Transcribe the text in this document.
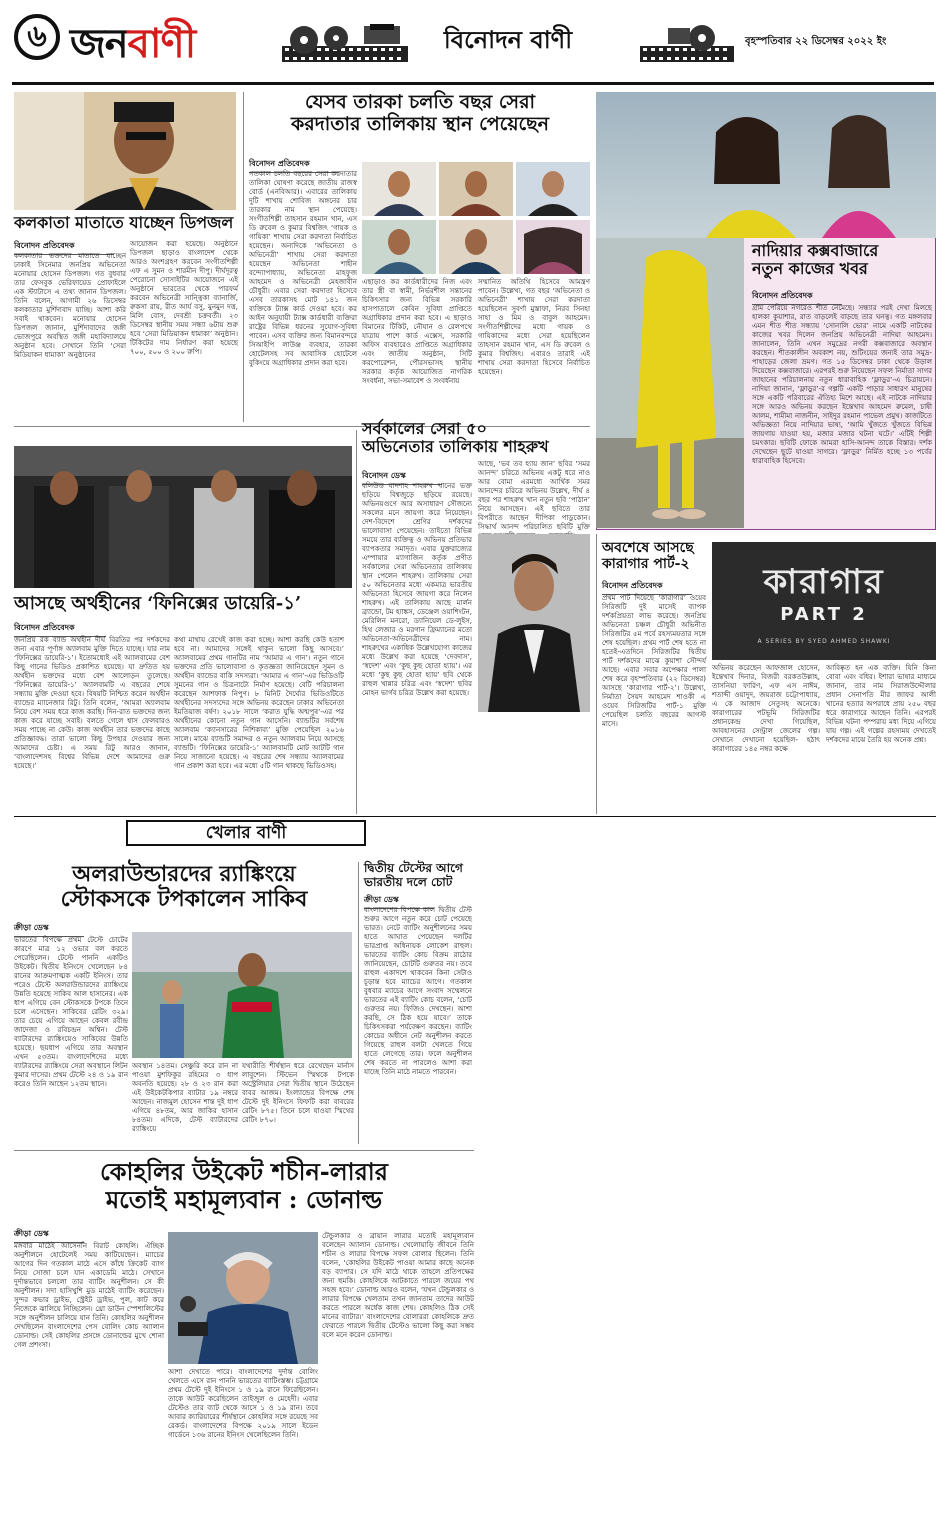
৬ জনবাণী	বিনোদন বাণী	বৃহস্পতিবার ২২ ডিসেম্বর ২০২২ ইং
কলকাতা মাতাতে যাচ্ছেন ডিপজল
বিনোদন প্রতিবেদক
কলকাতার ভক্তদের মাতাতে যাচ্ছেন ঢাকাই সিনেমার জনপ্রিয় অভিনেতা মনোয়ার হোসেন ডিপজল। গত বুধবার তার ফেসবুক ভেরিফায়েড প্রোফাইলে এক স্ট্যাটাসে এ তথ্য জানান ডিপজল। তিনি বলেন, আগামী ২৬ ডিসেম্বর কলকাতার মুর্শিদাবাদ যাচ্ছি। আশা করি সবাই থাকবেন। মনোয়ার হোসেন ডিপজল জানান, মুর্শিদাবাদের জঙ্গী ভোজপুরে অবস্থিত জঙ্গী মহাবিদ্যালয়ে অনুষ্ঠান হবে। সেখানে তিনি ‘সেরা মিডিয়াকন ধামাকা’ অনুষ্ঠানের
আয়োজন করা হয়েছে। অনুষ্ঠানে ডিপজল ছাড়াও বাংলাদেশ থেকে আরও অংশগ্রহণ করবেন সংগীতশিল্পী এফ এ সুমন ও শারমীন দীপু। দীর্ঘদূরত্ব পেরোনো সোসাইটির আয়োজনে এই অনুষ্ঠানে ভারতের থেকে পারফর্ম করবেন অভিনেত্রী সান্ত্বিকা ব্যানার্জি, রুকসা রায়, রীত আর্য বসু, মুনমুন দত্ত, মিলি বোস, দেবশ্রী চক্রবর্তী। ২৩ ডিসেম্বর স্থানীয় সময় সন্ধ্যা ৬টায় শুরু হবে ‘সেরা মিডিয়াকন ধামাকা’ অনুষ্ঠান। টিকিটের দাম নির্ধারণ করা হয়েছে ৭০০, ৫০০ ও ২০০ রুপি।
যেসব তারকা চলতি বছর সেরা
করদাতার তালিকায় স্থান পেয়েছেন
বিনোদন প্রতিবেদক
গতকাল চলতি বছরের সেরা করদাতার তালিকা ঘোষণা করেছে জাতীয় রাজস্ব বোর্ড (এনবিআর)। এবারের তালিকায় দুটি শাখায় শোবিজ অঙ্গনের চার তারকার নাম স্থান পেয়েছে। সংগীতশিল্পী তাহসান রহমান খান, এস ডি রুবেল ও কুমার বিশ্বজিৎ ‘গায়ক ও গায়িকা’ শাখায় সেরা করদাতা নির্বাচিত হয়েছেন। অন্যদিকে ‘অভিনেতা ও অভিনেত্রী’ শাখায় সেরা করদাতা হয়েছেন অভিনেতা শাহীন বন্দ্যোপাধ্যায়, অভিনেতা মাহফুজ আহমেদ ও অভিনেত্রী মেহজাবীন চৌধুরী। এবার সেরা করদাতা হিসেবে এসব তারকাসহ মোট ১৪১ জন ব্যক্তিকে ট্যাক্স কার্ড দেওয়া হবে। কর আইন অনুযায়ী ট্যাক্স কার্ডধারী ব্যক্তিরা রাষ্ট্রের বিভিন্ন ধরনের সুযোগ-সুবিধা পাবেন। এসব ব্যক্তির জন্য বিমানবন্দরে সিআইপি লাউঞ্জ ব্যবহার, তারকা হোটেলসহ সব আবাসিক হোটেলে বুকিংয়ে অগ্রাধিকার প্রদান করা হবে।
এছাড়াও কর কার্ডধারীদের নিজ এবং তার স্ত্রী বা স্বামী, নির্ভরশীল সন্তানের চিকিৎসার জন্য বিভিন্ন সরকারি হাসপাতালে কেবিন সুবিধা প্রাপ্তিতে অগ্রাধিকার প্রদান করা হবে। এ ছাড়াও বিমানের টিকিট, নৌযান ও রেলপথে যাত্রায় পাশে কার্ড এক্সেস, সরকারি অফিস ব্যবহারেও প্রাপ্তিতে অগ্রাধিকার এবং জাতীয় অনুষ্ঠান, সিটি করপোরেশন, পৌরসভাসহ স্থানীয় সরকার কর্তৃক আয়োজিত নাগরিক সংবর্ধনা, সভা-সমাবেশ ও সংবর্ধনায়
সম্মানিত অতিথি হিসেবে আমন্ত্রণ পাবেন। উল্লেখ্য, গত বছর ‘অভিনেতা ও অভিনেত্রী’ শাখায় সেরা করদাতা হয়েছিলেন সুবর্ণা মুস্তাফা, নিরব সিনহা সাহা ও মিম ও বাবুল আহমেদ। সংগীতশিল্পীদের মধ্যে গায়ক ও গায়িকাদের মধ্যে সেরা হয়েছিলেন তাহসান রহমান খান, এস ডি রুবেল ও কুমার বিশ্বজিৎ। এবারও তারাই এই শাখায় সেরা করদাতা হিসেবে নির্বাচিত হয়েছেন।
নাদিয়ার কক্সবাজারে
নতুন কাজের খবর
বিনোদন প্রতিবেদক
গ্রাম পেরিয়ে নগরেও শীত নেমেছে। সন্ধ্যার পরই দেখা মিলছে হালকা কুয়াশার, রাত বাড়লেই বাড়ছে তার ঘনত্ব। গত মঙ্গলবার এমন শীত শীত সন্ধ্যায় ‘সোনালি ভোর’ নামে একটি নাটকের কাজের খবর দিলেন জনপ্রিয় অভিনেত্রী নাদিয়া আহমেদ। জানালেন, তিনি এখন সমুদ্রের নগরী কক্সবাজারে অবস্থান করছেন। শীতকালীন অবকাশ নয়, শুটিংয়ের জন্যই তার সমুদ্র-পাহাড়ের জেলা ভ্রমণ। গত ১৫ ডিসেম্বর ঢাকা থেকে উড়াল দিয়েছেন কক্সবাজারে। এরপরই শুরু নিয়েছেন সফল নির্মাতা সাগর জাহানের পরিচালনায় নতুন ধারাবাহিক ‘ফ্লাড়ুর’-এ চিত্রায়নে। নাদিয়া জানান, ‘ফ্লাড়ুর’-র গল্পটি একটি পাড়ার সাধারণ মানুষের সঙ্গে একটি পরিবারের ঐতিহ্য মিশে আছে। এই নাটকে নাদিয়ার সঙ্গে আরও অভিনয় করছেন ইন্তেখাব আহমেদ রুমেল, চাষী আলম, শামীমা নাজনীন, সাইদুর রহমান পাভেল প্রমুখ। কাজটিতে অভিজ্ঞতা নিয়ে নাদিয়ার ভাষ্য, ‘আমি খুঁজতে খুঁজতে বিভিন্ন জায়গায় যাওয়া হয়, মজার মজার ঘটনা ঘটে।’ এটিই শিল্পী চমৎকার। ছবিটি ফোকে আমরা হাসি-আনন্দ তাকে বিস্তার। দর্শক দেখেছেন ছুটে যাওয়া সাগরে। ‘ফ্লাড়ুর’ নির্মিত হচ্ছে ১৩ পর্বের ধারাবাহিক হিসেবে।
আসছে অর্থহীনের ‘ফিনিক্সের ডায়েরি-১’
বিনোদন প্রতিবেদক
জনপ্রিয় রক ব্যান্ড অর্থহীন দীর্ঘ বিরতির পর দর্শকদের জন্য এবার পূর্ণাঙ্গ অ্যালবাম মুক্তি দিতে যাচ্ছে। যার নাম ‘ফিনিক্সের ডায়েরি-১’। ইতোমধ্যেই এই অ্যালবামের বেশ কিছু গানের ভিডিও প্রকাশিত হয়েছে। যা দ্রুতিত হয় অর্থহীন ভক্তদের মধ্যে বেশ আলোড়ন তুলেছে। ‘ফিনিক্সের ডায়েরি-১’ অ্যালবামটি এ বছরের শেষে সন্ধ্যায় মুক্তি দেওয়া হবে। বিষয়টি নিশ্চিত করেন অর্থহীন ব্যান্ডের ম্যানেজার রিটু। তিনি বলেন, ‘আমরা অ্যালবাম নিয়ে বেশ সময় ধরে কাজ করছি। দিন-রাত ভক্তদের জন্য কাজ করে যাচ্ছে সবাই। বলতে গেলে শ্বাস ফেলবারও সময় পাচ্ছে না কেউ। কাজ অর্থহীন তার ভক্তদের কাছে প্রতিজ্ঞাবদ্ধ। তারা ভালো কিছু উপহার দেওয়ার জন্য আমাদের চেষ্টা। এ সময় রিটু আরও জানান, ‘বাংলাদেশসহ বিশ্বের বিভিন্ন দেশে আমাদের গুরু হয়েছে।’
কথা মাথায় রেখেই কাজ করা হচ্ছে। আশা করছি কেউ হতাশ হবে না। আমাদের সঙ্গেই থাকুন ভালো কিছু আসবে।’ অ্যালবামের প্রথম গানটির নাম ‘আমার এ গান’। নতুন গানে ভক্তদের প্রতি ভালোবাসা ও কৃতজ্ঞতা জানিয়েছেন সুমন ও অর্থহীন ব্যান্ডের বাকি সদস্যরা। ‘আমার এ গান’-এর ভিডিওটি সুমনের গান ও চিত্রনাট্যে নির্মাণ হয়েছে। বেটি পরিচালনা করেছেন আশফাক নিপুণ। ৮ মিনিট দৈর্ঘ্যের ভিডিওটিতে অর্থহীনের সদস্যদের সঙ্গে অভিনয় করেছেন ঢাকার অভিনেতা ইমতিয়াজ বর্ষণ। ২০১৮ সালে ‘করাত যুদ্ধি অন্মপুৰ’-এর পর অর্থহীনের কোনো নতুন গান আসেনি। ব্যান্ডটির সর্বশেষ অ্যালবাম ‘ক্যানসারের নিশিকাব্য’ মুক্তি পেয়েছিল ২০১৬ সালে। মাঝে ব্যান্ডটি সমাদ্দর ও নতুন অ্যালবাম নিয়ে আসছে ব্যান্ডটি। ‘ফিনিক্সের ডায়েরি-১’ অ্যালবামটি মোট আটটি গান নিয়ে সাজানো হয়েছে। এ বছরের শেষ সন্ধ্যায় অ্যালবামের গান প্রকাশ করা হবে। এর মধ্যে ৫টি গান থাকছে ভিডিওসহ।
সর্বকালের সেরা ৫০
অভিনেতার তালিকায় শাহরুখ
বিনোদন ডেস্ক
বলিউড বাদশাহ শাহরুখ খানের ভক্ত ছড়িয়ে বিশ্বজুড়ে ছড়িয়ে রয়েছে। অভিনয়গুণে আর অসাধারণ সৌজন্যে সকলের মনে জায়গা করে নিয়েছেন। দেশ-বিদেশে শ্রেণির দর্শকদের ভালোবাসা পেয়েছেন। তাইতো বিভিন্ন সময়ে তার ব্যক্তিত্ব ও অভিনয় প্রতিভার ব্যাপকতার সমাদৃত। এবার যুক্তরাজ্যের এম্পায়ার ম্যাগাজিন কর্তৃক প্রণীত সর্বকালের সেরা অভিনেতার তালিকায় স্থান পেলেন শাহরুখ। তালিকায় সেরা ৫০ অভিনেতার মধ্যে একমাত্র ভারতীয় অভিনেতা হিসেবে জায়গা করে নিলেন শাহরুখ। এই তালিকায় আছে মার্লন ব্র্যান্ডো, টম হ্যাঙ্কস, ডেঞ্জেল ওয়াশিংটন, মেরিলিন মনরো, ড্যানিয়েল ডে-লুইস, হিথ লেজার ও মরগান ফ্রিম্যানের মতো অভিনেতা-অভিনেত্রীদের নাম। শাহরুখের একাধিক উল্লেখযোগ্য কাজের মধ্যে উল্লেখ করা হয়েছে ‘দেবদাস’, ‘স্বদেশ’ এবং ‘কুছ কুছ হোতা হ্যায়’। এর মধ্যে ‘কুছ কুছ হোতা হ্যায়’ ছবি থেকে রাহুল খান্নার চরিত্র এবং ‘স্বদেশ’ ছবির মোহন ভার্গব চরিত্র উল্লেখ করা হয়েছে।
আছে, ‘ভব তব হ্যায় জান’ ছবির ‘সমর আনন্দ’ চরিত্রে অভিনয় একটু ধরে নাও আর বোমা এরমধ্যে আর্থিক সমর আনন্দের চরিত্রে অভিনয় উল্লেখ, দীর্ঘ ৪ বছর পর শাহরুখ খান নতুন ছবি ‘পাঠান’ নিয়ে আসছেন। এই ছবিতে তার বিপরীতে আছেন দীপিকা পাডুকোন। সিদ্ধার্থ আনন্দ পরিচালিত ছবিটি মুক্তি
অবশেষে আসছে
কারাগার পার্ট-২
বিনোদন প্রতিবেদক
প্রথম পার্ট দিয়েছে ‘কারাগার’ ওয়েব সিরিজটি দুই মাসেই ব্যাপক দর্শকপ্রিয়তা লাভ করেছে। জনপ্রিয় অভিনেতা চঞ্চল চৌধুরী অভিনীত সিরিজটির ৫ম পর্বে রহস্যময়তার সঙ্গে শেষ হয়েছিল। প্রথম পার্ট শেষ হতে না হতেই-এতদিনে সিরিজটির দ্বিতীয় পার্ট দর্শকদের মাঝে কুয়াশা সৌন্দর্য আছে। এবার সবার অপেক্ষার পালা শেষ করে বৃহস্পতিবার (২২ ডিসেম্বর) আসছে ‘কারাগার পার্ট-২’। উল্লেখ্য, নির্মাতা সৈয়দ আহমেদ শাওকী এ ওয়েব সিরিজটির পার্ট-১ মুক্তি পেয়েছিল চলতি বছরের আগস্ট মাসে।
কারাগার
PART 2
A SERIES BY SYED AHMED SHAWKI
অভিনয় করেছেন আফজাল হোসেন, ইন্তেখাব দিনার, বিজরী বরকতউল্লাহ, তাসনিয়া ফারিণ, এফ এস নাঈম, শতাব্দী ওয়াদুদ, জয়রাজ চট্টোপাধ্যায়, এ কে আজাদ সেতুসহ অনেকে। কারাগারের পটভূমি সিরিজটির প্রধানকেন্দ্র দেখা গিয়েছিল, আবহাসনের সেন্ট্রাল জেলের গল্প। সেখানে দেখানো হয়েছিল- হঠাৎ কারাগারের ১৪৫ নম্বর কক্ষে
আবিষ্কৃত হন এক ব্যক্তি। যিনি কিনা বোবা এবং বধির। ইশারা ভাষার মাধ্যমে জানান, তার নাম সিরাজউদ্দৌলার প্রধান সেনাপতি মীর জাফর আলী খানের হত্যার অপরাধে প্রায় ২৫০ বছর ধরে কারাগারে আছেন তিনি। এরপরই বিভিন্ন ঘটনা পম্পরায় মধ্য দিয়ে এগিয়ে যায় গল্প। এই গল্পের রহস্যময় দেখতেই দর্শকদের মাঝে তৈরি হয় অনেক প্রশ্ন।
খেলার বাণী
অলরাউন্ডারদের র‍্যাঙ্কিংয়ে
স্টোকসকে টপকালেন সাকিব
ক্রীড়া ডেস্ক
ভারতের বিপক্ষে প্রথম টেস্টে চোটের কারণে মাত্র ১২ ওভার বল করতে পেরেছিলেন। টেস্টে পাননি একটিও উইকেট। দ্বিতীয় ইনিংসে খেলেছেন ৮৪ রানের আক্রমণাত্মক একটি ইনিংস। তার পরেও টেস্টে অলরাউন্ডারদের র‍্যাঙ্কিংয়ে উন্নতি হয়েছে সাকিব আল হাসানের। এক ধাপ এগিয়ে বেন স্টোকসকে টপকে তিনে চলে এসেছেন। সাকিবের রেটিং ৩২৯। তার চেয়ে এগিয়ে আছেন কেবল রবীন্দ্র জাদেজা ও রবিচন্দ্রন অশ্বিন। টেস্ট ব্যাটারদের র‍্যাঙ্কিংয়েও সাকিবের উন্নতি হয়েছে। ছয়ধাপ এগিয়ে তার অবস্থান এখন ৫৩তম। বাংলাদেশিদের মধ্যে ব্যাটারদের র‍্যাঙ্কিংয়ে সেরা অবস্থানে লিটন কুমার দাসের। প্রথম টেস্টে ২৪ ও ১৯ রান করেও তিনি আছেন ১২তম স্থানে।
অবস্থান ১৪তম। সেঞ্চুরি করে রান না পাওয়া মুশফিকুর রহিমের ৩ ধাপ অবনতি হয়েছে। ২৮ ও ২৩ রান করা এই উইকেটকিপার ব্যাটার ১৯ নম্বরে আছেন। নাজমুল হোসেন শান্ত দুই ধাপ এগিয়ে ৪৮তম, আর জাকির হাসান ৮৪তম। এদিকে, টেস্ট ব্যাটারদের র‍্যাঙ্কিংয়ে
যথারীতি শীর্ষস্থান ধরে রেখেছেন মার্নাস লাবুশেন। স্টিভেন স্মিথকে টপকে অস্ট্রেলিয়ার সেরা দ্বিতীয় স্থানে উঠেছেন বাবর আজম। ইংল্যান্ডের বিপক্ষে শেষ টেস্টে দুই ইনিংসে ফিফটি করা বাবরের রেটিং ৮৭৫। তিনে চলে যাওয়া স্মিথের রেটিং ৮৭০।
দ্বিতীয় টেস্টের আগে
ভারতীয় দলে চোট
ক্রীড়া ডেস্ক
বাংলাদেশের বিপক্ষে কাল দ্বিতীয় টেস্ট শুরুর আগে নতুন করে চোট পেয়েছে ভারত। নেটে ব্যাটিং অনুশীলনের সময় হাতে আঘাত পেয়েছেন দলটির ভারপ্রাপ্ত অধিনায়ক লোকেশ রাহুল। ভারতের ব্যাটিং কোচ বিক্রম রাঠোর জানিয়েছেন, চোটটি গুরুতর নয়। তবে রাহুল একাদশে থাকবেন কিনা সেটাও চূড়ান্ত হবে ম্যাচের আগে। গতকাল বুধবার ম্যাচের আগে সংবাদ সম্মেলনে ভারতের এই ব্যাটিং কোচ বলেন, ‘চোট গুরুতর নয়। ফিজিও দেখছেন। আশা করছি, সে ঠিক হয়ে যাবে।’ তাকে চিকিৎসকরা পর্যবেক্ষণ করছেন। ব্যাটিং কোচের অধীনে নেট অনুশীলন করতে গিয়েছে রাহুল বলটা খেলতে গিয়ে হাতে লেগেছে তার। ফলে অনুশীলন শেষ করতে না পারলেও আশা করা যাচ্ছে তিনি মাঠে নামতে পারবেন।
কোহলির উইকেট শচীন-লারার
মতোই মহামূল্যবান : ডোনাল্ড
ক্রীড়া ডেস্ক
মঙ্গবার মাঠেই আসেননি বিরাট কোহলি। ঐচ্ছিক অনুশীলনে হোটেলেই সময় কাটিয়েছেন। ম্যাচের আগের দিন গতকাল মাঠে এসে কাঁধে ক্রিকেট ব্যাগ নিয়ে সোজা চলে যান একাডেমি মাঠে। সেখানে দুর্দান্তভাবে চললো তার ব্যাটিং অনুশীলন। সে কী অনুশীলন। সদা হাসিখুশি মুড মাঠেই ব্যাটিং করেছেন। সুন্দর কভার ড্রাইভ, স্ট্রেইট ড্রাইভ, পুল, কাট করে নিজেকে ঝালিয়ে নিচ্ছিলেন। থ্রো ডাউন স্পেশালিস্টের সঙ্গে অনুশীলন চালিয়ে যান তিনি। কোহলির অনুশীলন দেখছিলেন বাংলাদেশের পেস বোলিং কোচ অ্যালান ডোনাল্ড। সেই কোহলির প্রসঙ্গে ডোনাল্ডের মুখে শোনা গেল প্রশংসা।
আশা দেখাতে পারে। বাংলাদেশের দুর্দান্ত বোলিং খেলতে এসে রান পাননি ভারতের ব্যাটিংস্তম্ভ। চট্টগ্রামে প্রথম টেস্টে দুই ইনিংসে ১ ও ১৯ রানে ফিরেছিলেন। তাকে আউট করেছিলেন তাইজুল ও মেহেদী। এবার টেস্টেও তার ব্যাট থেকে আসে ১ ও ১৯ রান। তবে আবার ক্যারিয়ারের শীর্ষস্থানে কোহলির সঙ্গে রয়েছে সব রেকর্ড। বাংলাদেশের বিপক্ষে ২০১৯ সালে ইডেন গার্ডেনে ১৩৬ রানের ইনিংস খেলেছিলেন তিনি।
টেন্ডুলকার ও ব্রায়ান লারার মতোই মহামূল্যবান বলেছেন অ্যালান ডোনাল্ড। খেলোয়াড়ি জীবনে তিনি শচীন ও লারার বিপক্ষে সফল বোলার ছিলেন। তিনি বলেন, ‘কোহলির উইকেট পাওয়া আমার কাছে অনেক বড় ব্যাপার। সে যদি মাঠে থাকে তাহলে প্রতিপক্ষের জন্য হুমকি। কোহলিকে আটকাতে পারলে জয়ের পথ সহজ হবে।’ ডোনাল্ড আরও বলেন, ‘যখন টেন্ডুলকার ও লারার বিপক্ষে খেলতাম তখন জানতাম তাদের আউট করতে পারলে অর্ধেক কাজ শেষ। কোহলিও ঠিক সেই মানের ব্যাটার।’ বাংলাদেশের বোলাররা কোহলিকে দ্রুত ফেরাতে পারলে দ্বিতীয় টেস্টেও ভালো কিছু করা সম্ভব বলে মনে করেন ডোনাল্ড।
